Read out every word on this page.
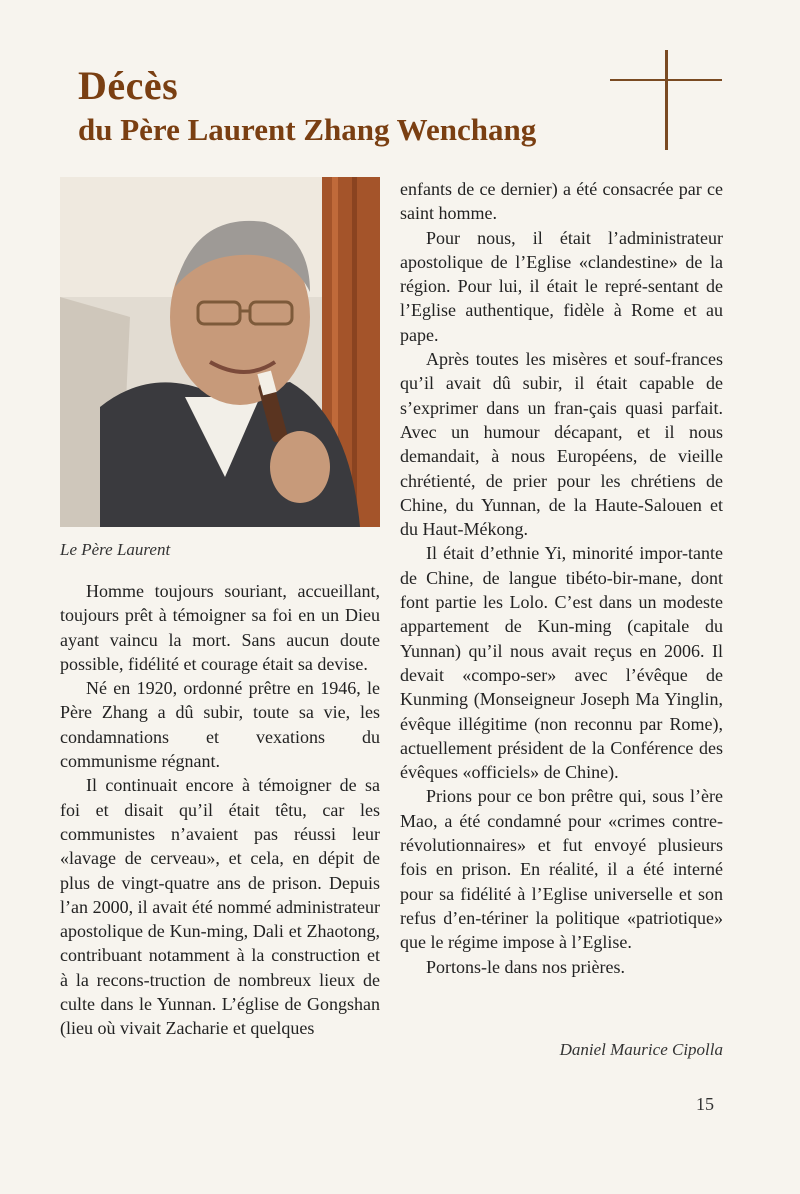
Décès
du Père Laurent Zhang Wenchang

Le Père Laurent

Homme toujours souriant, accueillant, toujours prêt à témoigner sa foi en un Dieu ayant vaincu la mort. Sans aucun doute possible, fidélité et courage était sa devise.

Né en 1920, ordonné prêtre en 1946, le Père Zhang a dû subir, toute sa vie, les condamnations et vexations du communisme régnant.

Il continuait encore à témoigner de sa foi et disait qu’il était têtu, car les communistes n’avaient pas réussi leur «lavage de cerveau», et cela, en dépit de plus de vingt-quatre ans de prison. Depuis l’an 2000, il avait été nommé administrateur apostolique de Kun-ming, Dali et Zhaotong, contribuant notamment à la construction et à la recons-truction de nombreux lieux de culte dans le Yunnan. L’église de Gongshan (lieu où vivait Zacharie et quelques

enfants de ce dernier) a été consacrée par ce saint homme.

Pour nous, il était l’administrateur apostolique de l’Eglise «clandestine» de la région. Pour lui, il était le repré-sentant de l’Eglise authentique, fidèle à Rome et au pape.

Après toutes les misères et souf-frances qu’il avait dû subir, il était capable de s’exprimer dans un fran-çais quasi parfait. Avec un humour décapant, et il nous demandait, à nous Européens, de vieille chrétienté, de prier pour les chrétiens de Chine, du Yunnan, de la Haute-Salouen et du Haut-Mékong.

Il était d’ethnie Yi, minorité impor-tante de Chine, de langue tibéto-bir-mane, dont font partie les Lolo. C’est dans un modeste appartement de Kun-ming (capitale du Yunnan) qu’il nous avait reçus en 2006. Il devait «compo-ser» avec l’évêque de Kunming (Monseigneur Joseph Ma Yinglin, évêque illégitime (non reconnu par Rome), actuellement président de la Conférence des évêques «officiels» de Chine).

Prions pour ce bon prêtre qui, sous l’ère Mao, a été condamné pour «crimes contre-révolutionnaires» et fut envoyé plusieurs fois en prison. En réalité, il a été interné pour sa fidélité à l’Eglise universelle et son refus d’en-tériner la politique «patriotique» que le régime impose à l’Eglise.

Portons-le dans nos prières.

Daniel Maurice Cipolla
15
